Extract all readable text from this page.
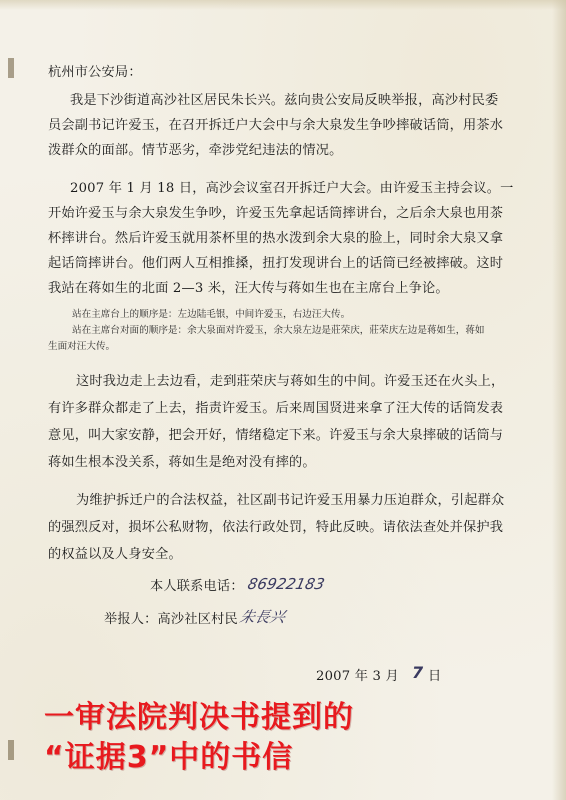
杭州市公安局：
我是下沙街道高沙社区居民朱长兴。兹向贵公安局反映举报，高沙村民委
员会副书记许爱玉，在召开拆迁户大会中与余大泉发生争吵摔破话筒，用茶水
泼群众的面部。情节恶劣，牵涉党纪违法的情况。
2007 年 1 月 18 日，高沙会议室召开拆迁户大会。由许爱玉主持会议。一
开始许爱玉与余大泉发生争吵，许爱玉先拿起话筒摔讲台，之后余大泉也用茶
杯摔讲台。然后许爱玉就用茶杯里的热水泼到余大泉的脸上，同时余大泉又拿
起话筒摔讲台。他们两人互相推搡，扭打发现讲台上的话筒已经被摔破。这时
我站在蒋如生的北面 2—3 米，汪大传与蒋如生也在主席台上争论。
站在主席台上的顺序是：左边陆毛银，中间许爱玉，右边汪大传。
站在主席台对面的顺序是：余大泉面对许爱玉，余大泉左边是莊荣庆，莊荣庆左边是蒋如生，蒋如
生面对汪大传。
这时我边走上去边看，走到莊荣庆与蒋如生的中间。许爱玉还在火头上，
有许多群众都走了上去，指责许爱玉。后来周国贤进来拿了汪大传的话筒发表
意见，叫大家安静，把会开好，情绪稳定下来。许爱玉与余大泉摔破的话筒与
蒋如生根本没关系，蒋如生是绝对没有摔的。
为维护拆迁户的合法权益，社区副书记许爱玉用暴力压迫群众，引起群众
的强烈反对，损坏公私财物，依法行政处罚，特此反映。请依法查处并保护我
的权益以及人身安全。
本人联系电话： 86922183
举报人：高沙社区村民 朱長兴
2007 年 3 月 7 日
一审法院判决书提到的
“证据3”中的书信
